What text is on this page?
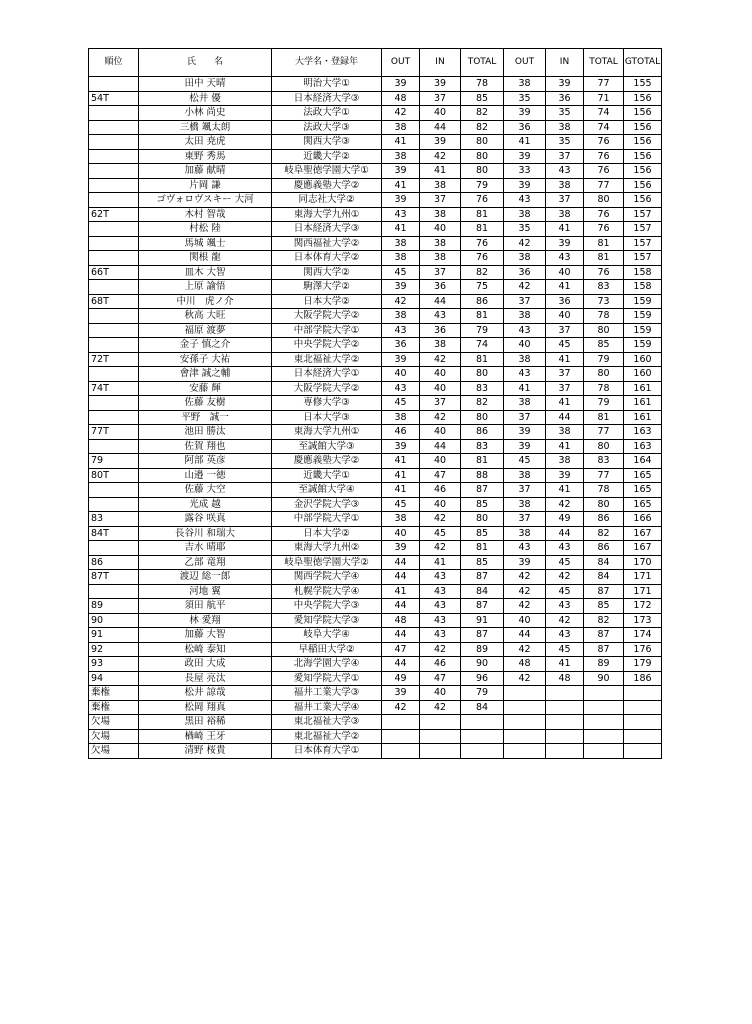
順位	氏　　名	大学名・登録年	OUT	IN	TOTAL	OUT	IN	TOTAL	GTOTAL
	田中 天晴	明治大学①	39	39	78	38	39	77	155
54T	松井 優	日本経済大学③	48	37	85	35	36	71	156
	小林 尚史	法政大学①	42	40	82	39	35	74	156
	三橋 颯太朗	法政大学③	38	44	82	36	38	74	156
	太田 尭虎	関西大学③	41	39	80	41	35	76	156
	東野 秀馬	近畿大学②	38	42	80	39	37	76	156
	加藤 献晴	岐阜聖徳学園大学①	39	41	80	33	43	76	156
	片岡 謙	慶應義塾大学②	41	38	79	39	38	77	156
	ゴヴォロヴスキー 大河	同志社大学②	39	37	76	43	37	80	156
62T	木村 智哉	東海大学九州①	43	38	81	38	38	76	157
	村松 陸	日本経済大学③	41	40	81	35	41	76	157
	馬城 颯士	関西福祉大学②	38	38	76	42	39	81	157
	関根 龍	日本体育大学②	38	38	76	38	43	81	157
66T	皿木 大智	関西大学②	45	37	82	36	40	76	158
	上原 諭悟	駒澤大学②	39	36	75	42	41	83	158
68T	中川　虎ノ介	日本大学②	42	44	86	37	36	73	159
	秋高 大旺	大阪学院大学②	38	43	81	38	40	78	159
	福原 渡夢	中部学院大学①	43	36	79	43	37	80	159
	金子 慎之介	中央学院大学②	36	38	74	40	45	85	159
72T	安孫子 大祐	東北福祉大学②	39	42	81	38	41	79	160
	會津 誠之輔	日本経済大学①	40	40	80	43	37	80	160
74T	安藤 輝	大阪学院大学②	43	40	83	41	37	78	161
	佐藤 友樹	専修大学③	45	37	82	38	41	79	161
	平野　誠一	日本大学③	38	42	80	37	44	81	161
77T	池田 勝汰	東海大学九州①	46	40	86	39	38	77	163
	佐賀 翔也	至誠館大学③	39	44	83	39	41	80	163
79	阿部 英彦	慶應義塾大学②	41	40	81	45	38	83	164
80T	山邉 一徳	近畿大学①	41	47	88	38	39	77	165
	佐藤 大空	至誠館大学④	41	46	87	37	41	78	165
	光成 越	金沢学院大学③	45	40	85	38	42	80	165
83	露谷 咲真	中部学院大学①	38	42	80	37	49	86	166
84T	長谷川 和瑞大	日本大学②	40	45	85	38	44	82	167
	吉水 晴耶	東海大学九州②	39	42	81	43	43	86	167
86	乙部 竜翔	岐阜聖徳学園大学②	44	41	85	39	45	84	170
87T	渡辺 総一郎	関西学院大学④	44	43	87	42	42	84	171
	河地 翼	札幌学院大学④	41	43	84	42	45	87	171
89	須田 航平	中央学院大学③	44	43	87	42	43	85	172
90	林 愛翔	愛知学院大学③	48	43	91	40	42	82	173
91	加藤 大智	岐阜大学④	44	43	87	44	43	87	174
92	松崎 泰知	早稲田大学②	47	42	89	42	45	87	176
93	政田 大成	北海学園大学④	44	46	90	48	41	89	179
94	長屋 亮汰	愛知学院大学①	49	47	96	42	48	90	186
棄権	松井 諒哉	福井工業大学③	39	40	79				
棄権	松岡 翔真	福井工業大学④	42	42	84				
欠場	黒田 裕稀	東北福祉大学③							
欠場	楢崎 王牙	東北福祉大学②							
欠場	清野 桜貴	日本体育大学①							
